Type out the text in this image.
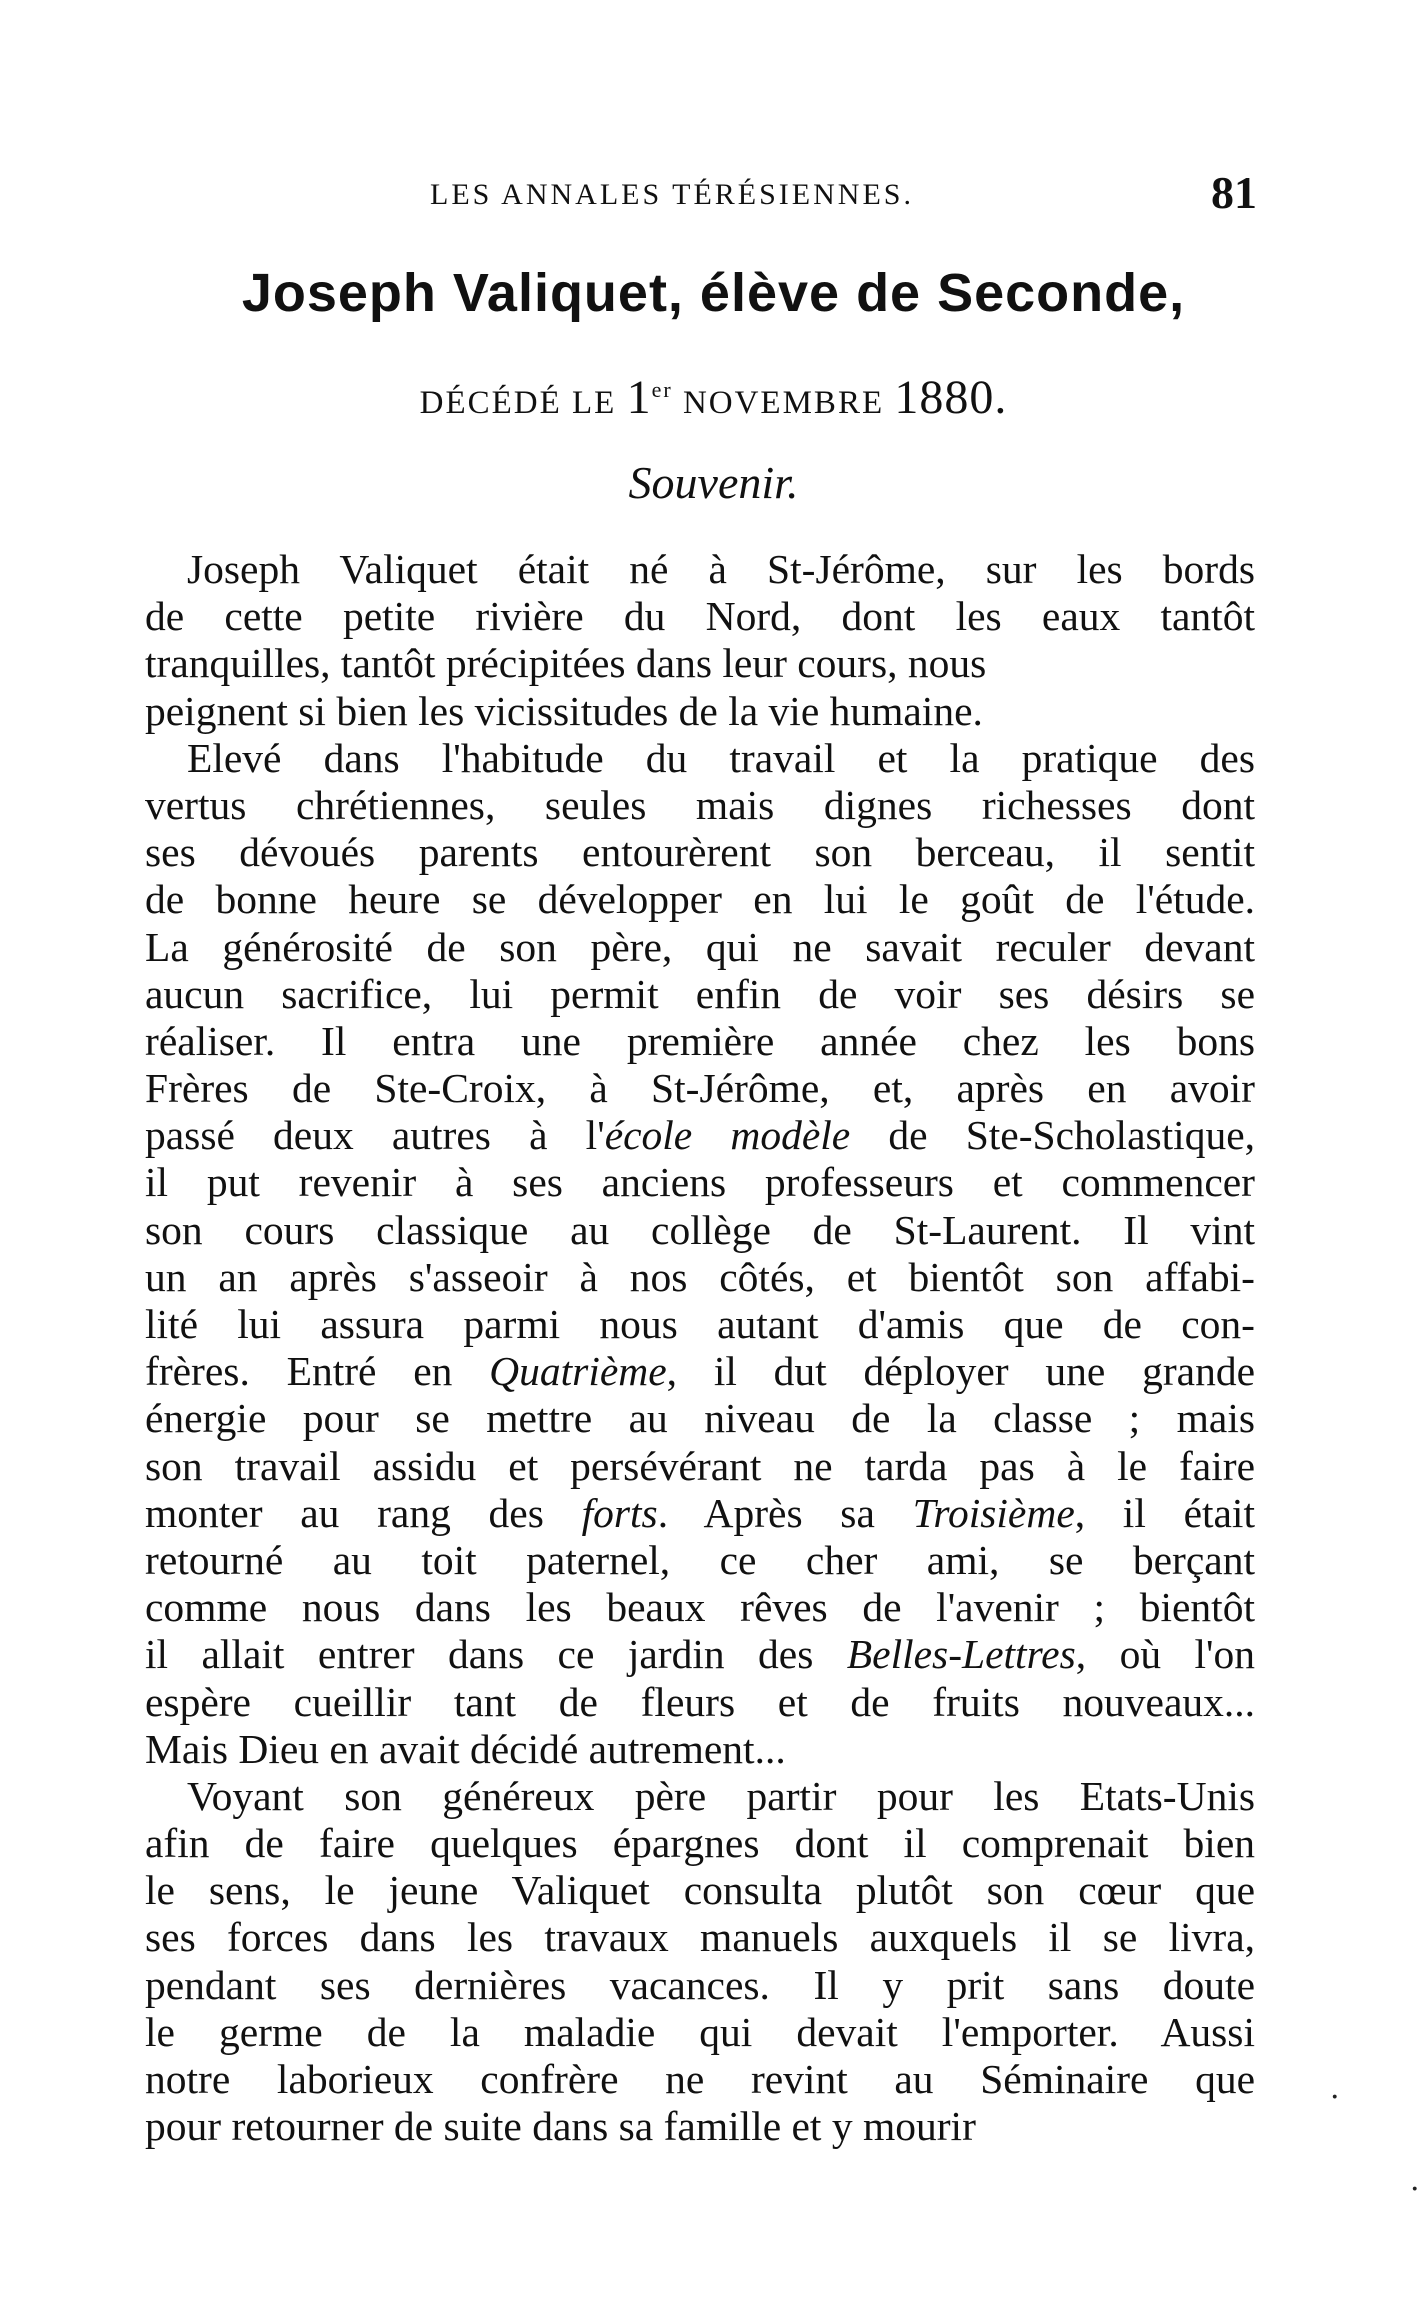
LES ANNALES TÉRÉSIENNES.	81
Joseph Valiquet, élève de Seconde,
DÉCÉDÉ LE 1er NOVEMBRE 1880.
Souvenir.
Joseph Valiquet était né à St-Jérôme, sur les bords
de cette petite rivière du Nord, dont les eaux tantôt
tranquilles, tantôt précipitées dans leur cours, nous
peignent si bien les vicissitudes de la vie humaine.
Elevé dans l'habitude du travail et la pratique des
vertus chrétiennes, seules mais dignes richesses dont
ses dévoués parents entourèrent son berceau, il sentit
de bonne heure se développer en lui le goût de l'étude.
La générosité de son père, qui ne savait reculer devant
aucun sacrifice, lui permit enfin de voir ses désirs se
réaliser. Il entra une première année chez les bons
Frères de Ste-Croix, à St-Jérôme, et, après en avoir
passé deux autres à l'école modèle de Ste-Scholastique,
il put revenir à ses anciens professeurs et commencer
son cours classique au collège de St-Laurent. Il vint
un an après s'asseoir à nos côtés, et bientôt son affabi-
lité lui assura parmi nous autant d'amis que de con-
frères. Entré en Quatrième, il dut déployer une grande
énergie pour se mettre au niveau de la classe ; mais
son travail assidu et persévérant ne tarda pas à le faire
monter au rang des forts. Après sa Troisième, il était
retourné au toit paternel, ce cher ami, se berçant
comme nous dans les beaux rêves de l'avenir ; bientôt
il allait entrer dans ce jardin des Belles-Lettres, où l'on
espère cueillir tant de fleurs et de fruits nouveaux...
Mais Dieu en avait décidé autrement...
Voyant son généreux père partir pour les Etats-Unis
afin de faire quelques épargnes dont il comprenait bien
le sens, le jeune Valiquet consulta plutôt son cœur que
ses forces dans les travaux manuels auxquels il se livra,
pendant ses dernières vacances. Il y prit sans doute
le germe de la maladie qui devait l'emporter. Aussi
notre laborieux confrère ne revint au Séminaire que
pour retourner de suite dans sa famille et y mourir
·
·
